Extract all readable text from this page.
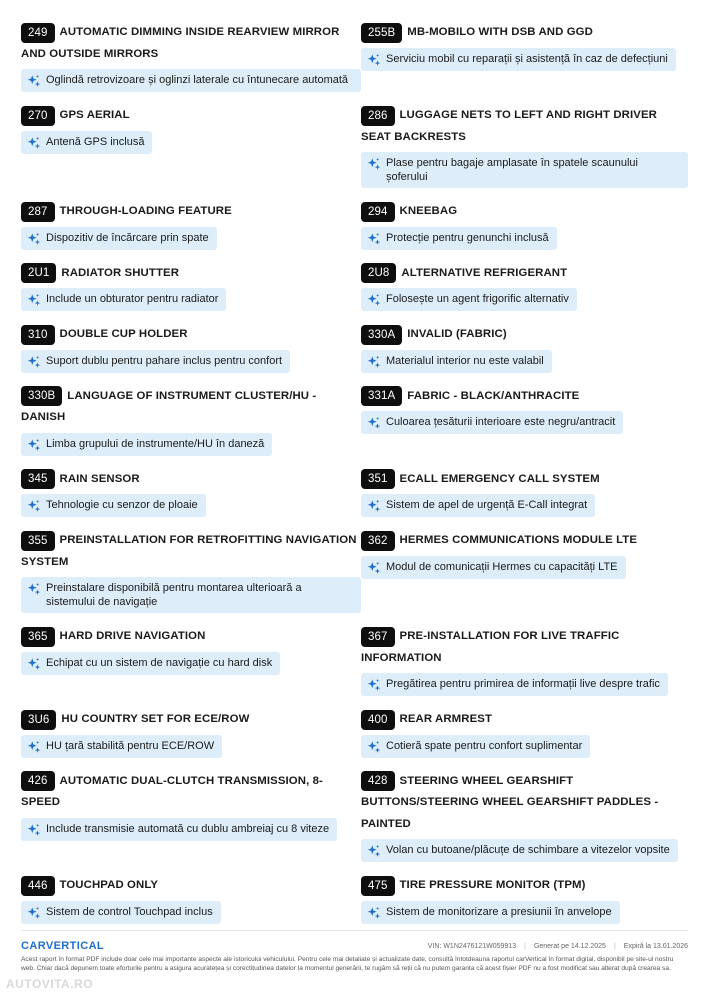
249 AUTOMATIC DIMMING INSIDE REARVIEW MIRROR AND OUTSIDE MIRRORS
Oglindă retrovizoare și oglinzi laterale cu întunecare automată
255B MB-MOBILO WITH DSB AND GGD
Serviciu mobil cu reparații și asistență în caz de defecțiuni
270 GPS AERIAL
Antenă GPS inclusă
286 LUGGAGE NETS TO LEFT AND RIGHT DRIVER SEAT BACKRESTS
Plase pentru bagaje amplasate în spatele scaunului șoferului
287 THROUGH-LOADING FEATURE
Dispozitiv de încărcare prin spate
294 KNEEBAG
Protecție pentru genunchi inclusă
2U1 RADIATOR SHUTTER
Include un obturator pentru radiator
2U8 ALTERNATIVE REFRIGERANT
Folosește un agent frigorific alternativ
310 DOUBLE CUP HOLDER
Suport dublu pentru pahare inclus pentru confort
330A INVALID (FABRIC)
Materialul interior nu este valabil
330B LANGUAGE OF INSTRUMENT CLUSTER/HU - DANISH
Limba grupului de instrumente/HU în daneză
331A FABRIC - BLACK/ANTHRACITE
Culoarea țesăturii interioare este negru/antracit
345 RAIN SENSOR
Tehnologie cu senzor de ploaie
351 ECALL EMERGENCY CALL SYSTEM
Sistem de apel de urgență E-Call integrat
355 PREINSTALLATION FOR RETROFITTING NAVIGATION SYSTEM
Preinstalare disponibilă pentru montarea ulterioară a sistemului de navigație
362 HERMES COMMUNICATIONS MODULE LTE
Modul de comunicații Hermes cu capacități LTE
365 HARD DRIVE NAVIGATION
Echipat cu un sistem de navigație cu hard disk
367 PRE-INSTALLATION FOR LIVE TRAFFIC INFORMATION
Pregătirea pentru primirea de informații live despre trafic
3U6 HU COUNTRY SET FOR ECE/ROW
HU țară stabilită pentru ECE/ROW
400 REAR ARMREST
Cotieră spate pentru confort suplimentar
426 AUTOMATIC DUAL-CLUTCH TRANSMISSION, 8-SPEED
Include transmisie automată cu dublu ambreiaj cu 8 viteze
428 STEERING WHEEL GEARSHIFT BUTTONS/STEERING WHEEL GEARSHIFT PADDLES - PAINTED
Volan cu butoane/plăcuțe de schimbare a vitezelor vopsite
446 TOUCHPAD ONLY
Sistem de control Touchpad inclus
475 TIRE PRESSURE MONITOR (TPM)
Sistem de monitorizare a presiunii în anvelope
CARVERTICAL	VIN: W1N2476121W059913 | Generat pe 14.12.2025 | Expiră la 13.01.2026
Acest raport în format PDF include doar cele mai importante aspecte ale istoricului vehiculului. Pentru cele mai detaliate și actualizate date, consultă întotdeauna raportul carVertical în format digital, disponibil pe site-ul nostru web. Chiar dacă depunem toate eforturile pentru a asigura acuratețea și corectitudinea datelor la momentul generării, te rugăm să reții că nu putem garanta că acest fișier PDF nu a fost modificat sau alterat după crearea sa.
AUTOVITA.RO
